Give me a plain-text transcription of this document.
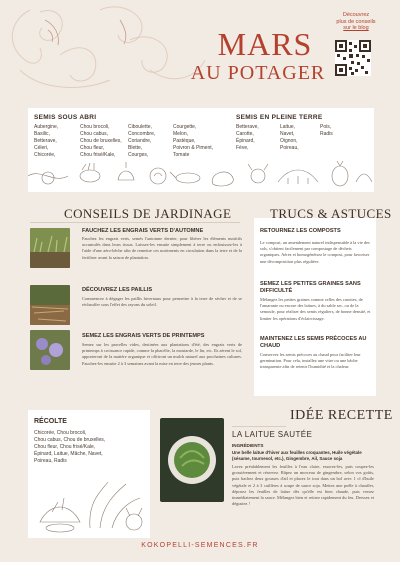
MARS
AU POTAGER
Découvrez
plus de conseils
sur le blog
SEMIS SOUS ABRI
Aubergine,
Basilic,
Betterave,
Céleri,
Chicorée,
Chou brocoli,
Chou cabus,
Chou de bruxelles,
Chou fleur,
Chou frisé/Kale,
Ciboulette,
Concombre,
Coriandre,
Blette,
Courges,
Courgette,
Melon,
Pastèque,
Poivron & Piment,
Tomate
SEMIS EN PLEINE TERRE
Betterave,
Carotte,
Épinard,
Fève,
Laitue,
Navet,
Oignon,
Poireau,
Pois,
Radis
CONSEILS DE JARDINAGE
FAUCHEZ LES ENGRAIS VERTS D'AUTOMNE
Fauchez les engrais verts, semés l'automne dernier, pour libérer les éléments nutritifs accumulés dans leurs tissus. Laissez-les ensuite simplement à terre ou enfouissez-les à l'aide d'une aéro-bêche afin de remettre ces nutriments en circulation dans la terre et de la fertiliser avant la saison de plantation.
DÉCOUVREZ LES PAILLIS
Commencez à dégager les paillis hivernaux pour permettre à la terre de sécher et de se réchauffer sous l'effet des rayons du soleil.
SEMEZ LES ENGRAIS VERTS DE PRINTEMPS
Semez sur les parcelles vides, destinées aux plantations d'été, des engrais verts de printemps à croissance rapide, comme la phacélie, la moutarde, le lin, etc. Ils aèrent le sol, apporteront de la matière organique et offriront un mulch naturel aux prochaines cultures. Fauchez-les ensuite 2 à 3 semaines avant la mise en terre des jeunes plants.
TRUCS & ASTUCES
RETOURNEZ LES COMPOSTS
Le compost, un amendement naturel indispensable à la vie des sols, s'obtient facilement par compostage de déchets organiques. Aérez et homogénéisez le compost, pour favoriser une décomposition plus régulière.
SEMEZ LES PETITES GRAINES SANS DIFFICULTÉ
Mélangez les petites graines comme celles des carottes, de l'amarante ou encore des laitues, à du sable sec, ou de la semoule, pour réaliser des semis réguliers, de bonne densité, et limiter les opérations d'éclaircissage.
MAINTENEZ LES SEMIS PRÉCOCES AU CHAUD
Conservez les semis précoces au chaud pour faciliter leur germination. Pour cela, installez une vitre ou une bâche transparente afin de retenir l'humidité et la chaleur.
RÉCOLTE
Chicorée, Chou brocoli,
Chou cabus, Chou de bruxelles,
Chou fleur, Chou frisé/Kale,
Épinard, Laitue, Mâche, Navet,
Poireau, Radis
IDÉE RECETTE
LA LAITUE SAUTÉE
INGRÉDIENTS
Une belle laitue d'hiver aux feuilles croquantes, Huile végétale (sésame, tournesol, etc.), Gingembre, Ail, Sauce soja
Lavez préalablement les feuilles à l'eau claire, essorez-les, puis coupez-les grossièrement et réservez. Râpez un morceau de gingembre, selon vos goûts, puis hachez deux gousses d'ail et placez le tout dans un bol avec 1 cl d'huile végétale et 2 à 3 cuillères à soupe de sauce soja. Mettez une poêle à chauffer, déposez les feuilles de laitue dès qu'elle est bien chaude, puis versez immédiatement la sauce. Mélangez bien et retirez rapidement du feu. Dressez et dégustez !
KOKOPELLI-SEMENCES.FR
